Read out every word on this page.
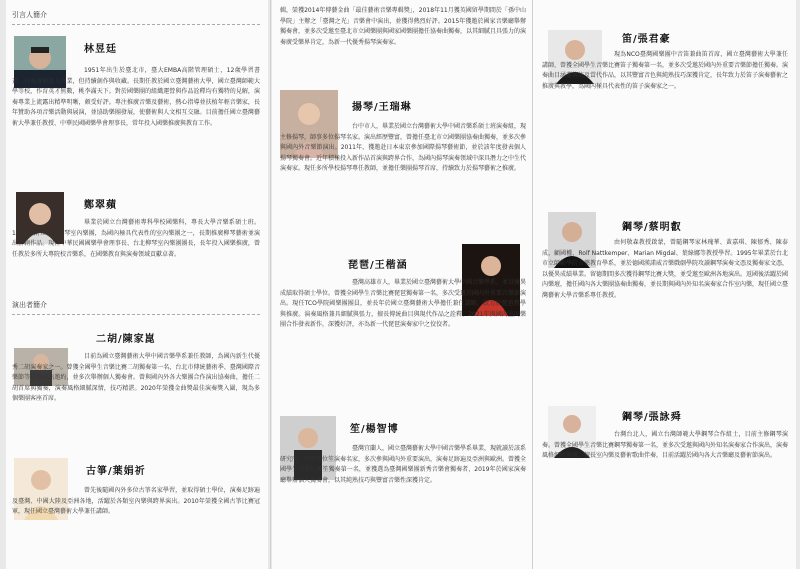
引言人簡介
林昱廷
1951年出生於臺北市，臺大EMBA高階管理碩士，12歲學習書畫，日後逐漸進入商業，但持續創作與收藏。長期任教於國立臺灣藝術大學，國立臺灣師範大學等校，作育英才無數，桃李滿天下。對於國樂團的組織運營與作品詮釋均有獨特的見解，演奏專業上流露出精準明晰，頗受好評。專注推廣音樂及藝術，熱心指導並扶植年輕音樂家，長年贊助各項音樂活動與展演，並協助樂團發展，使藝術與人文相互交融。目前擔任國立臺灣藝術大學兼任教授、中華民國國樂學會理事長，常年投入國樂推廣與教育工作。
鄭翠蘋
畢業於國立台灣藝術專科學校國樂科，專長大學音樂系碩士班。1993年創立台北柳琴室內樂團，為國內極具代表性的室內樂團之一，長期推廣柳琴藝術並演出新創作品。現任中華民國國樂學會理事長、台北柳琴室內樂團團長，長年投入國樂推廣，曾任教於多所大專院校音樂系，在國樂教育與演奏領域貢獻卓著。
演出者簡介
二胡/陳家崑
目前為國立臺灣藝術大學中國音樂學系兼任教師，為國內新生代優秀二胡演奏家之一。曾獲全國學生音樂比賽二胡獨奏第一名，台北市傳統藝術季、臺灣國際音樂節等重要演出邀約，並多次舉辦個人獨奏會。曾與國內外各大樂團合作演出協奏曲，擔任二胡首席與獨奏，演奏風格細膩深情，技巧精湛。2020年榮獲金曲獎最佳演奏獎入圍，現為多個樂團客座首席。
古箏/葉娟祈
曾先後隨國內外多位古箏名家學習，並取得碩士學位，演奏足跡遍及臺灣、中國大陸及亞洲各地，活躍於各類室內樂與跨界演出。2010年榮獲全國古箏比賽冠軍，現任國立臺灣藝術大學兼任講師。
輯，榮獲2014年傳藝金曲「最佳藝術音樂專輯獎」，2018年11月獲英國留學期間於「孫中山學院」主辦之「臺灣之光」音樂會中演出，並獲得熱烈好評。2015年獲邀於國家音樂廳舉辦獨奏會，並多次受邀至臺北市立國樂團與國家國樂團擔任協奏曲獨奏，以其細膩且具張力的演奏廣受樂界肯定，為新一代優秀揚琴演奏家。
揚琴/王瑞琳
台中市人，畢業於國立台灣藝術大學中國音樂系碩士班演奏組，現主修揚琴，師事多位揚琴名家。演出經歷豐富，曾擔任臺北市立國樂團協奏曲獨奏，並多次參與國內外音樂節演出。2011年，獲邀赴日本東京參加國際揚琴藝術節，並於該年度發表個人揚琴獨奏會。近年積極投入新作品首演與跨界合作，為國內揚琴演奏領域中深具潛力之中生代演奏家。現任多所學校揚琴專任教師，並擔任樂團揚琴首席，持續致力於揚琴藝術之推廣。
琵琶/王楷涵
臺灣高雄市人，畢業於國立臺灣藝術大學中國音樂學系，並以優異成績取得碩士學位。曾獲全國學生音樂比賽琵琶獨奏第一名，多次受邀於國內外重要音樂節演出。現任TCO學院國樂團團員，並長年於國立臺灣藝術大學擔任兼任講師，致力於琵琶教學與推廣。演奏風格兼具細膩與張力，擅長傳統曲目與現代作品之詮釋，2021年與國內室內樂團合作發表新作，深獲好評，亦為新一代琵琶演奏家中之佼佼者。
笙/楊智博
臺灣宜蘭人，國立臺灣藝術大學中國音樂學系畢業，現就讀於該系研究所。師事多位笙演奏名家，多次參與國內外重要演出，演奏足跡遍及亞洲與歐洲。曾獲全國學生音樂比賽笙獨奏第一名，並獲選為臺灣國樂團新秀音樂會獨奏者，2019年於國家演奏廳舉辦個人獨奏會，以其純熟技巧與豐富音樂性深獲肯定。
笛/張君豪
現為NCO臺灣國樂團中音笛兼曲笛首席，國立臺灣藝術大學兼任講師，曾獲全國學生音樂比賽笛子獨奏第一名，並多次受邀於國內外重要音樂節擔任獨奏。演奏曲目涵蓋傳統及當代作品，以其豐富音色與純熟技巧深獲肯定，長年致力於笛子演奏藝術之推廣與教學，為國內極具代表性的笛子演奏家之一。
鋼琴/蔡明叡
由何敬森教授啟蒙，曾隨鋼琴家林瑰華、黃嘉琪、陳郁秀、陳泰成、顧國權、Rolf Nattkemper、Marian Migdal、葉綠娜等教授學習。1995年畢業於台北市立師範學院音樂教育學系，並於德國漢諾威音樂戲劇學院攻讀鋼琴演奏文憑及獨奏家文憑，以優異成績畢業。留德期間多次獲得鋼琴比賽大獎，並受邀至歐洲各地演出。返國後活躍於國內樂壇，擔任國內各大樂團協奏曲獨奏，並長期與國內外知名演奏家合作室內樂，現任國立臺灣藝術大學音樂系專任教授。
鋼琴/張詠舜
台灣台北人，國立台灣師範大學鋼琴合作組士，目前主修鋼琴演奏。曾獲全國學生音樂比賽鋼琴獨奏第一名，並多次受邀與國內外知名演奏家合作演出，演奏風格細膩優雅，擅長室內樂及藝術歌曲伴奏，目前活躍於國內各大音樂廳及藝術節演出。
